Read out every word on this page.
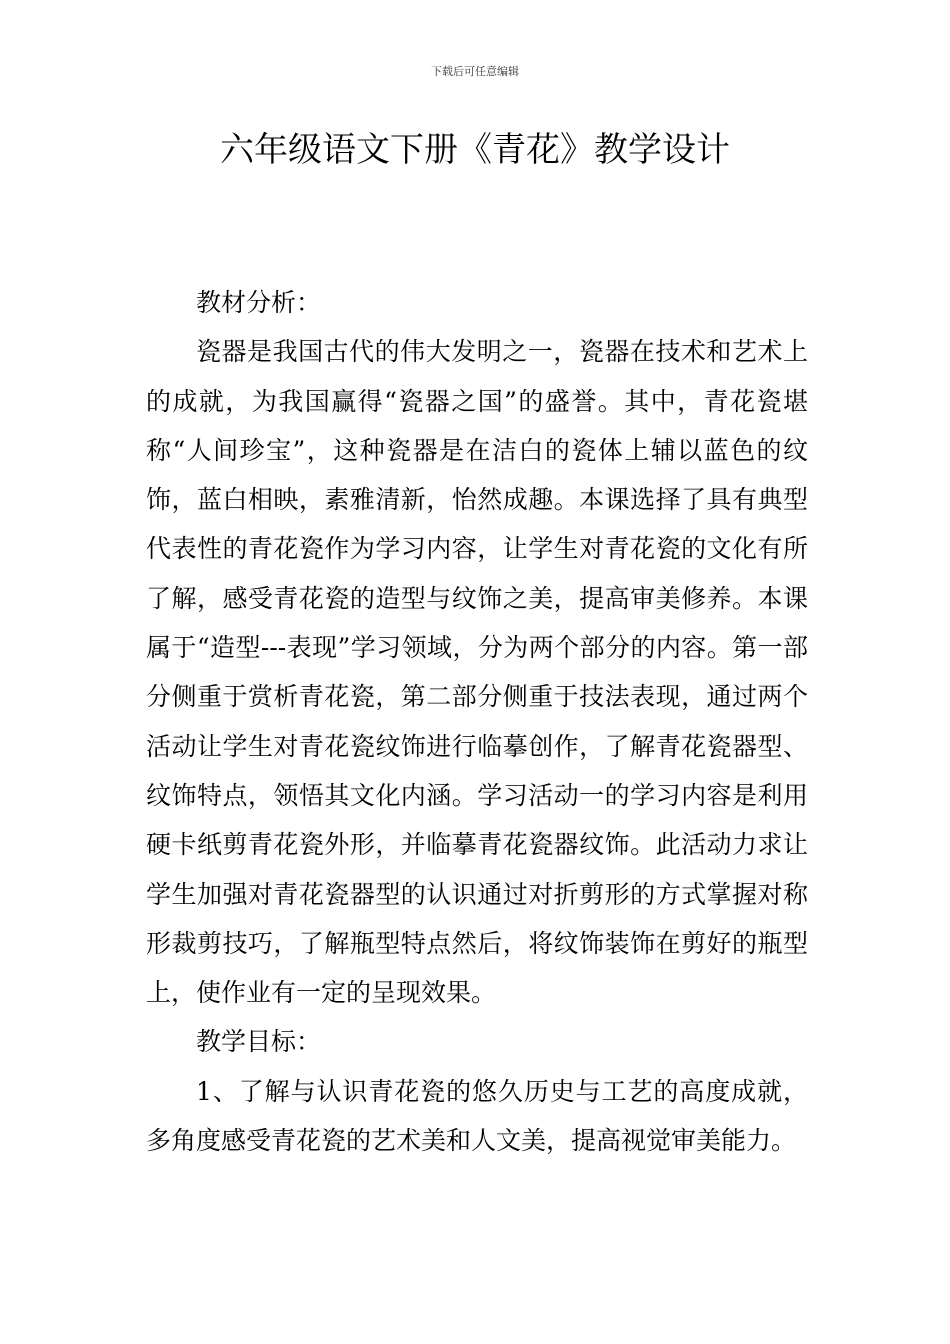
下载后可任意编辑
六年级语文下册《青花》教学设计

教材分析：

瓷器是我国古代的伟大发明之一，瓷器在技术和艺术上的成就，为我国赢得“瓷器之国”的盛誉。其中，青花瓷堪称“人间珍宝”，这种瓷器是在洁白的瓷体上辅以蓝色的纹饰，蓝白相映，素雅清新，怡然成趣。本课选择了具有典型代表性的青花瓷作为学习内容，让学生对青花瓷的文化有所了解，感受青花瓷的造型与纹饰之美，提高审美修养。本课属于“造型---表现”学习领域，分为两个部分的内容。第一部分侧重于赏析青花瓷，第二部分侧重于技法表现，通过两个活动让学生对青花瓷纹饰进行临摹创作，了解青花瓷器型、纹饰特点，领悟其文化内涵。学习活动一的学习内容是利用硬卡纸剪青花瓷外形，并临摹青花瓷器纹饰。此活动力求让学生加强对青花瓷器型的认识通过对折剪形的方式掌握对称形裁剪技巧，了解瓶型特点然后，将纹饰装饰在剪好的瓶型上，使作业有一定的呈现效果。

教学目标：

1、了解与认识青花瓷的悠久历史与工艺的高度成就，多角度感受青花瓷的艺术美和人文美，提高视觉审美能力。
